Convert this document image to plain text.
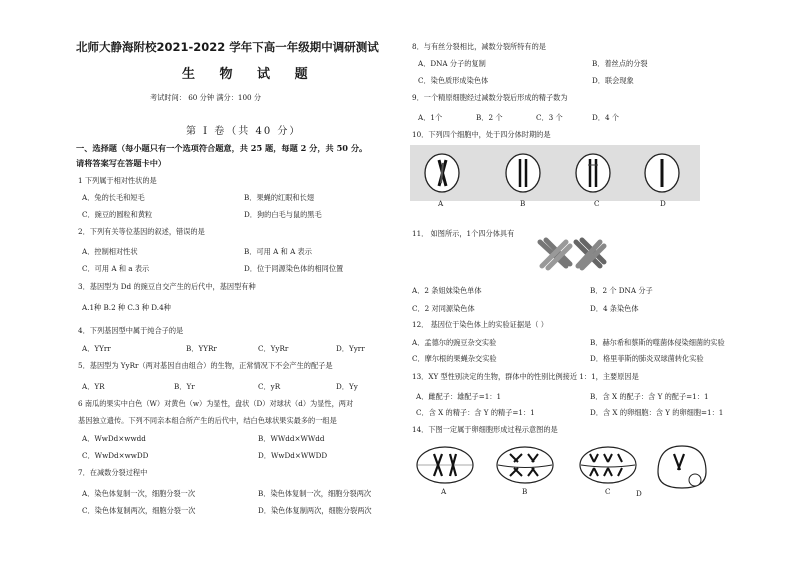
北师大静海附校2021-2022 学年下高一年级期中调研测试
生 物 试 题
考试时间： 60 分钟 满分：100 分
第 Ⅰ 卷（共 40 分）
一、选择题（每小题只有一个选项符合题意，共 25 题，每题 2 分，共 50 分。
请将答案写在答题卡中）
1 下列属于相对性状的是
A．兔的长毛和短毛	B．果蝇的红眼和长翅
C．豌豆的圆粒和黄粒	D．狗的白毛与鼠的黑毛
2．下列有关等位基因的叙述，错误的是
A．控制相对性状	B．可用 A 和 A 表示
C．可用 A 和 a 表示	D．位于同源染色体的相同位置
3．基因型为 Dd 的豌豆自交产生的后代中，基因型有种
A.1种 B.2 种 C.3 种 D.4种
4．下列基因型中属于纯合子的是
A．YYrr	B．YYRr	C．YyRr	D．Yyrr
5．基因型为 YyRr（两对基因自由组合）的生物，正常情况下不会产生的配子是
A．YR	B．Yr	C．yR	D．Yy
6 南瓜的果实中白色（W）对黄色（w）为显性，盘状（D）对球状（d）为显性，两对
基因独立遗传。下列不同亲本组合所产生的后代中，结白色球状果实最多的一组是
A．WwDd×wwdd	B．WWdd×WWdd
C．WwDd×wwDD	D．WwDd×WWDD
7．在减数分裂过程中
A．染色体复制一次，细胞分裂一次	B．染色体复制一次，细胞分裂两次
C．染色体复制两次，细胞分裂一次	D．染色体复制两次，细胞分裂两次
8．与有丝分裂相比，减数分裂所特有的是
A．DNA 分子的复制	B．着丝点的分裂
C．染色质形成染色体	D．联会现象
9．一个精原细胞经过减数分裂后形成的精子数为
A．1个	B．2 个	C．3 个	D．4 个
10．下列四个细胞中，处于四分体时期的是
A	B	C	D
11． 如图所示，1个四分体具有
A．2 条姐妹染色单体	B．2 个 DNA 分子
C．2 对同源染色体	D．4 条染色体
12． 基因位于染色体上的实验证据是（ ）
A．孟德尔的豌豆杂交实验	B．赫尔希和蔡斯的噬菌体侵染细菌的实验
C．摩尔根的果蝇杂交实验	D．格里菲斯的肺炎双球菌转化实验
13．XY 型性别决定的生物，群体中的性别比例接近 1：1，主要原因是
A．雌配子：雄配子=1：1	B．含 X 的配子：含 Y 的配子=1：1
C．含 X 的精子：含 Y 的精子=1：1	D．含 X 的卵细胞：含 Y 的卵细胞=1：1
14．下图一定属于卵细胞形成过程示意图的是
A	B	C	D
